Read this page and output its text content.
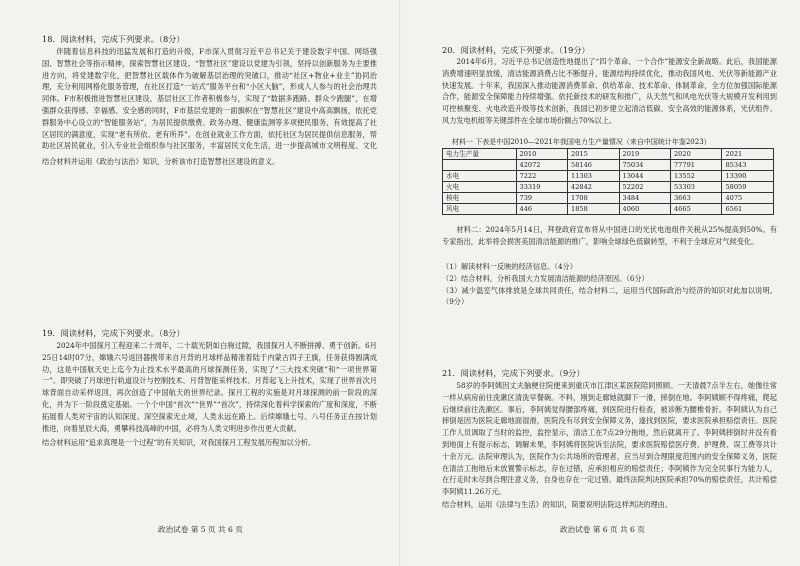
18．阅读材料，完成下列要求。（8分）

伴随着信息科技的迅猛发展和打造的升级，F市深入贯彻习近平总书记关于建设数字中国、网络强国、智慧社会等指示精神，探索智慧社区建设。“智慧社区”建设以党建为引领，坚持以创新服务为主要推进方向，将党建数字化，把智慧社区载体作为破解基层治理的突破口，推动“社区+物业+业主”协同治理，充分利用网格化服务管理，在社区打造“一站式”服务平台和“小区大脑”，形成人人参与的社会治理共同体。F市积极推进智慧社区建设，基层社区工作者积极参与，实现了“数据多跑路、群众少跑腿”，在增强群众获得感、幸福感、安全感的同时，F市基层党建的一面旗帜在“智慧社区”建设中高高飘扬，依托党群服务中心设立的“智能服务站”，为居民提供缴费、政务办理、健康监测等多项便民服务，有效提高了社区居民的满意度，实现“老有所依、老有所养”。在创业就业工作方面，依托社区为居民提供信息服务，帮助社区居民就业，引入专业社会组织参与社区服务，丰富居民文化生活，进一步提高城市文明程度、文化

结合材料并运用《政治与法治》知识，分析该市打造智慧社区建设的意义。

19．阅读材料，完成下列要求。（8分）

2024年中国探月工程迎来二十周年，二十载光阴如白驹过隙，我国探月人不断拼搏、勇于创新。6月25日14时07分，嫦娥六号返回器携带来自月背的月球样品精准着陆于内蒙古四子王旗，任务获得圆满成功，这是中国航天史上迄今为止技术水平最高的月球探测任务，实现了“三大技术突破”和“一项世界第一”。即突破了月球逆行轨道设计与控制技术、月背智能采样技术、月背起飞上升技术，实现了世界首次月球背面自动采样返回，再次创造了中国航天的世界纪录。探月工程的实施是对月球探测的前一阶段的深化，并为下一阶段奠定基础。一个个中国“首次”“世界”“首次”，持续深化着科学探索的广度和深度，不断拓展着人类对宇宙的认知深度。深空探索无止境，人类永远在路上。后续嫦娥七号、八号任务正在按计划推进，向着星辰大海，勇攀科技高峰的中国，必将为人类文明进步作出更大贡献。

结合材料运用“追求真理是一个过程”的有关知识，对我国探月工程发展历程加以分析。

政治试卷 第 5 页 共 6 页
20．阅读材料，完成下列要求。（19分）

2014年6月，习近平总书记创造性地提出了“四个革命、一个合作”能源安全新战略。此后，我国能源消费增速明显放缓，清洁能源消费占比不断提升，能源结构持续优化，推动我国风电、光伏等新能源产业快速发展。十年来，我国深入推动能源消费革命、供给革命、技术革命、体制革命，全方位加强国际能源合作，能源安全保障能力持续增强。依托新技术的研发和推广，从天然气和风电光伏等大规模开发利用到可控核聚变、火电改造升级等技术创新，我国已初步建立起清洁低碳、安全高效的能源体系，光伏组件、风力发电机组等关键部件在全球市场份额占70%以上。

材料一 下表是中国2010—2021年我国电力生产量情况（来自中国统计年鉴2023）
电力生产量	2010	2015	2019	2020	2021
	42072	58146	75034	77791	85343
水电	7222	11303	13044	13552	13390
火电	33319	42842	52202	53303	58059
核电	739	1708	3484	3663	4075
风电	446	1858	4060	4665	6561

材料二：2024年5月14日，拜登政府宣布将从中国进口的光伏电池组件关税从25%提高到50%。有专家指出，此举将会损害美国清洁能源的推广，影响全球绿色低碳转型，不利于全球应对气候变化。

（1）解读材料一反映的经济信息。（4分）

（2）结合材料，分析我国大力发展清洁能源的经济原因。（6分）

（3）减少温室气体排放是全球共同责任，结合材料二，运用当代国际政治与经济的知识对此加以说明。（9分）

21．阅读材料，完成下列要求。（9分）

58岁的李阿姨因丈夫脑梗住院便来到重庆市江津区某医院陪同照顾。一天清晨7点半左右，她像往常一样从病房前往洗漱区清洗早餐碗。不料，刚到走廊她就脚下一滑，摔倒在地。李阿姨顾不得疼痛，爬起后继续前往洗漱区。事后，李阿姨觉得腰部疼痛，到医院进行检查，被诊断为腰椎骨折。李阿姨认为自己摔倒是因为医院走廊地面湿滑，医院没有尽到安全保障义务，遂找到医院，要求医院承担赔偿责任。医院工作人员调取了当时的监控，监控显示，清洁工在7点29分拖地，然后就离开了。李阿姨摔倒时并没有看到地面上有提示标志，调解未果，李阿姨将医院诉至法院，要求医院赔偿医疗费、护理费、误工费等共计十余万元。法院审理认为，医院作为公共场所的管理者，应当尽到合理限度范围内的安全保障义务，医院在清洁工拖地后未放置警示标志，存在过错，应承担相应的赔偿责任；李阿姨作为完全民事行为能力人，在行走时未尽到合理注意义务，自身也存在一定过错。最终法院判决医院承担70%的赔偿责任，共计赔偿李阿姨11.26万元。

结合材料，运用《法律与生活》的知识，简要说明法院这样判决的理由。

政治试卷 第 6 页 共 6 页
